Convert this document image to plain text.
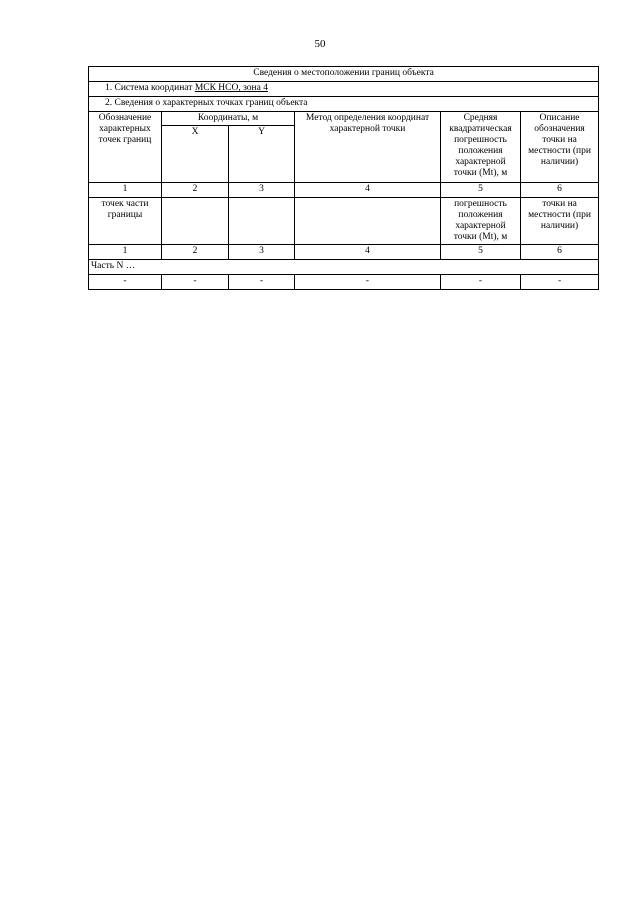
50
Сведения о местоположении границ объекта					
1. Система координат МСК НСО, зона 4					
2. Сведения о характерных точках границ объекта					
Обозначение характерных точек границ	Координаты, м		Метод определения координат характерной точки	Средняя квадратическая погрешность положения характерной точки (Mt), м	Описание обозначения точки на местности (при наличии)
	X	Y			
1	2	3	4	5	6
точек части границы				погрешность положения характерной точки (Mt), м	точки на местности (при наличии)
1	2	3	4	5	6
Часть N …					
-	-	-	-	-	-
